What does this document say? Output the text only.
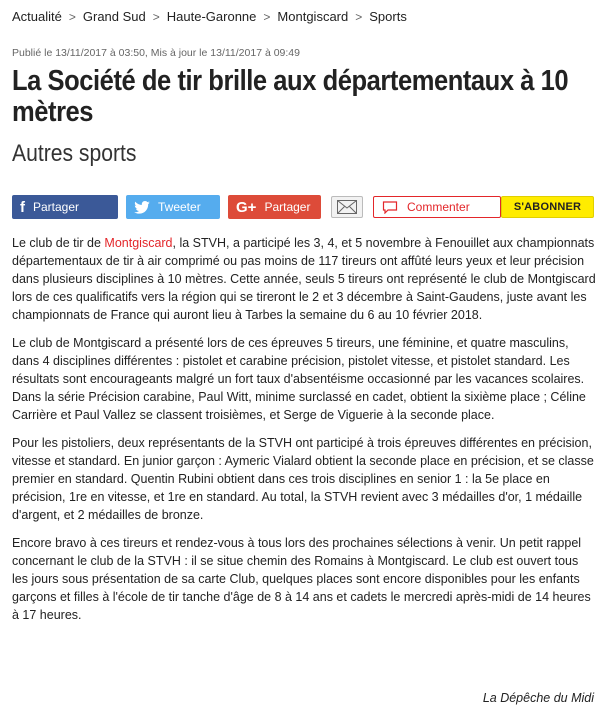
Actualité > Grand Sud > Haute-Garonne > Montgiscard > Sports
Publié le 13/11/2017 à 03:50, Mis à jour le 13/11/2017 à 09:49
La Société de tir brille aux départementaux à 10 mètres
Autres sports
f Partager	Tweeter G+ Partager	Commenter	S'ABONNER

Le club de tir de Montgiscard, la STVH, a participé les 3, 4, et 5 novembre à Fenouillet aux championnats départementaux de tir à air comprimé ou pas moins de 117 tireurs ont affûté leurs yeux et leur précision dans plusieurs disciplines à 10 mètres. Cette année, seuls 5 tireurs ont représenté le club de Montgiscard lors de ces qualificatifs vers la région qui se tireront le 2 et 3 décembre à Saint-Gaudens, juste avant les championnats de France qui auront lieu à Tarbes la semaine du 6 au 10 février 2018.

Le club de Montgiscard a présenté lors de ces épreuves 5 tireurs, une féminine, et quatre masculins, dans 4 disciplines différentes : pistolet et carabine précision, pistolet vitesse, et pistolet standard. Les résultats sont encourageants malgré un fort taux d'absentéisme occasionné par les vacances scolaires. Dans la série Précision carabine, Paul Witt, minime surclassé en cadet, obtient la sixième place ; Céline Carrière et Paul Vallez se classent troisièmes, et Serge de Viguerie à la seconde place.

Pour les pistoliers, deux représentants de la STVH ont participé à trois épreuves différentes en précision, vitesse et standard. En junior garçon : Aymeric Vialard obtient la seconde place en précision, et se classe premier en standard. Quentin Rubini obtient dans ces trois disciplines en senior 1 : la 5e place en précision, 1re en vitesse, et 1re en standard. Au total, la STVH revient avec 3 médailles d'or, 1 médaille d'argent, et 2 médailles de bronze.

Encore bravo à ces tireurs et rendez-vous à tous lors des prochaines sélections à venir. Un petit rappel concernant le club de la STVH : il se situe chemin des Romains à Montgiscard. Le club est ouvert tous les jours sous présentation de sa carte Club, quelques places sont encore disponibles pour les enfants garçons et filles à l'école de tir tanche d'âge de 8 à 14 ans et cadets le mercredi après-midi de 14 heures à 17 heures.

La Dépêche du Midi
